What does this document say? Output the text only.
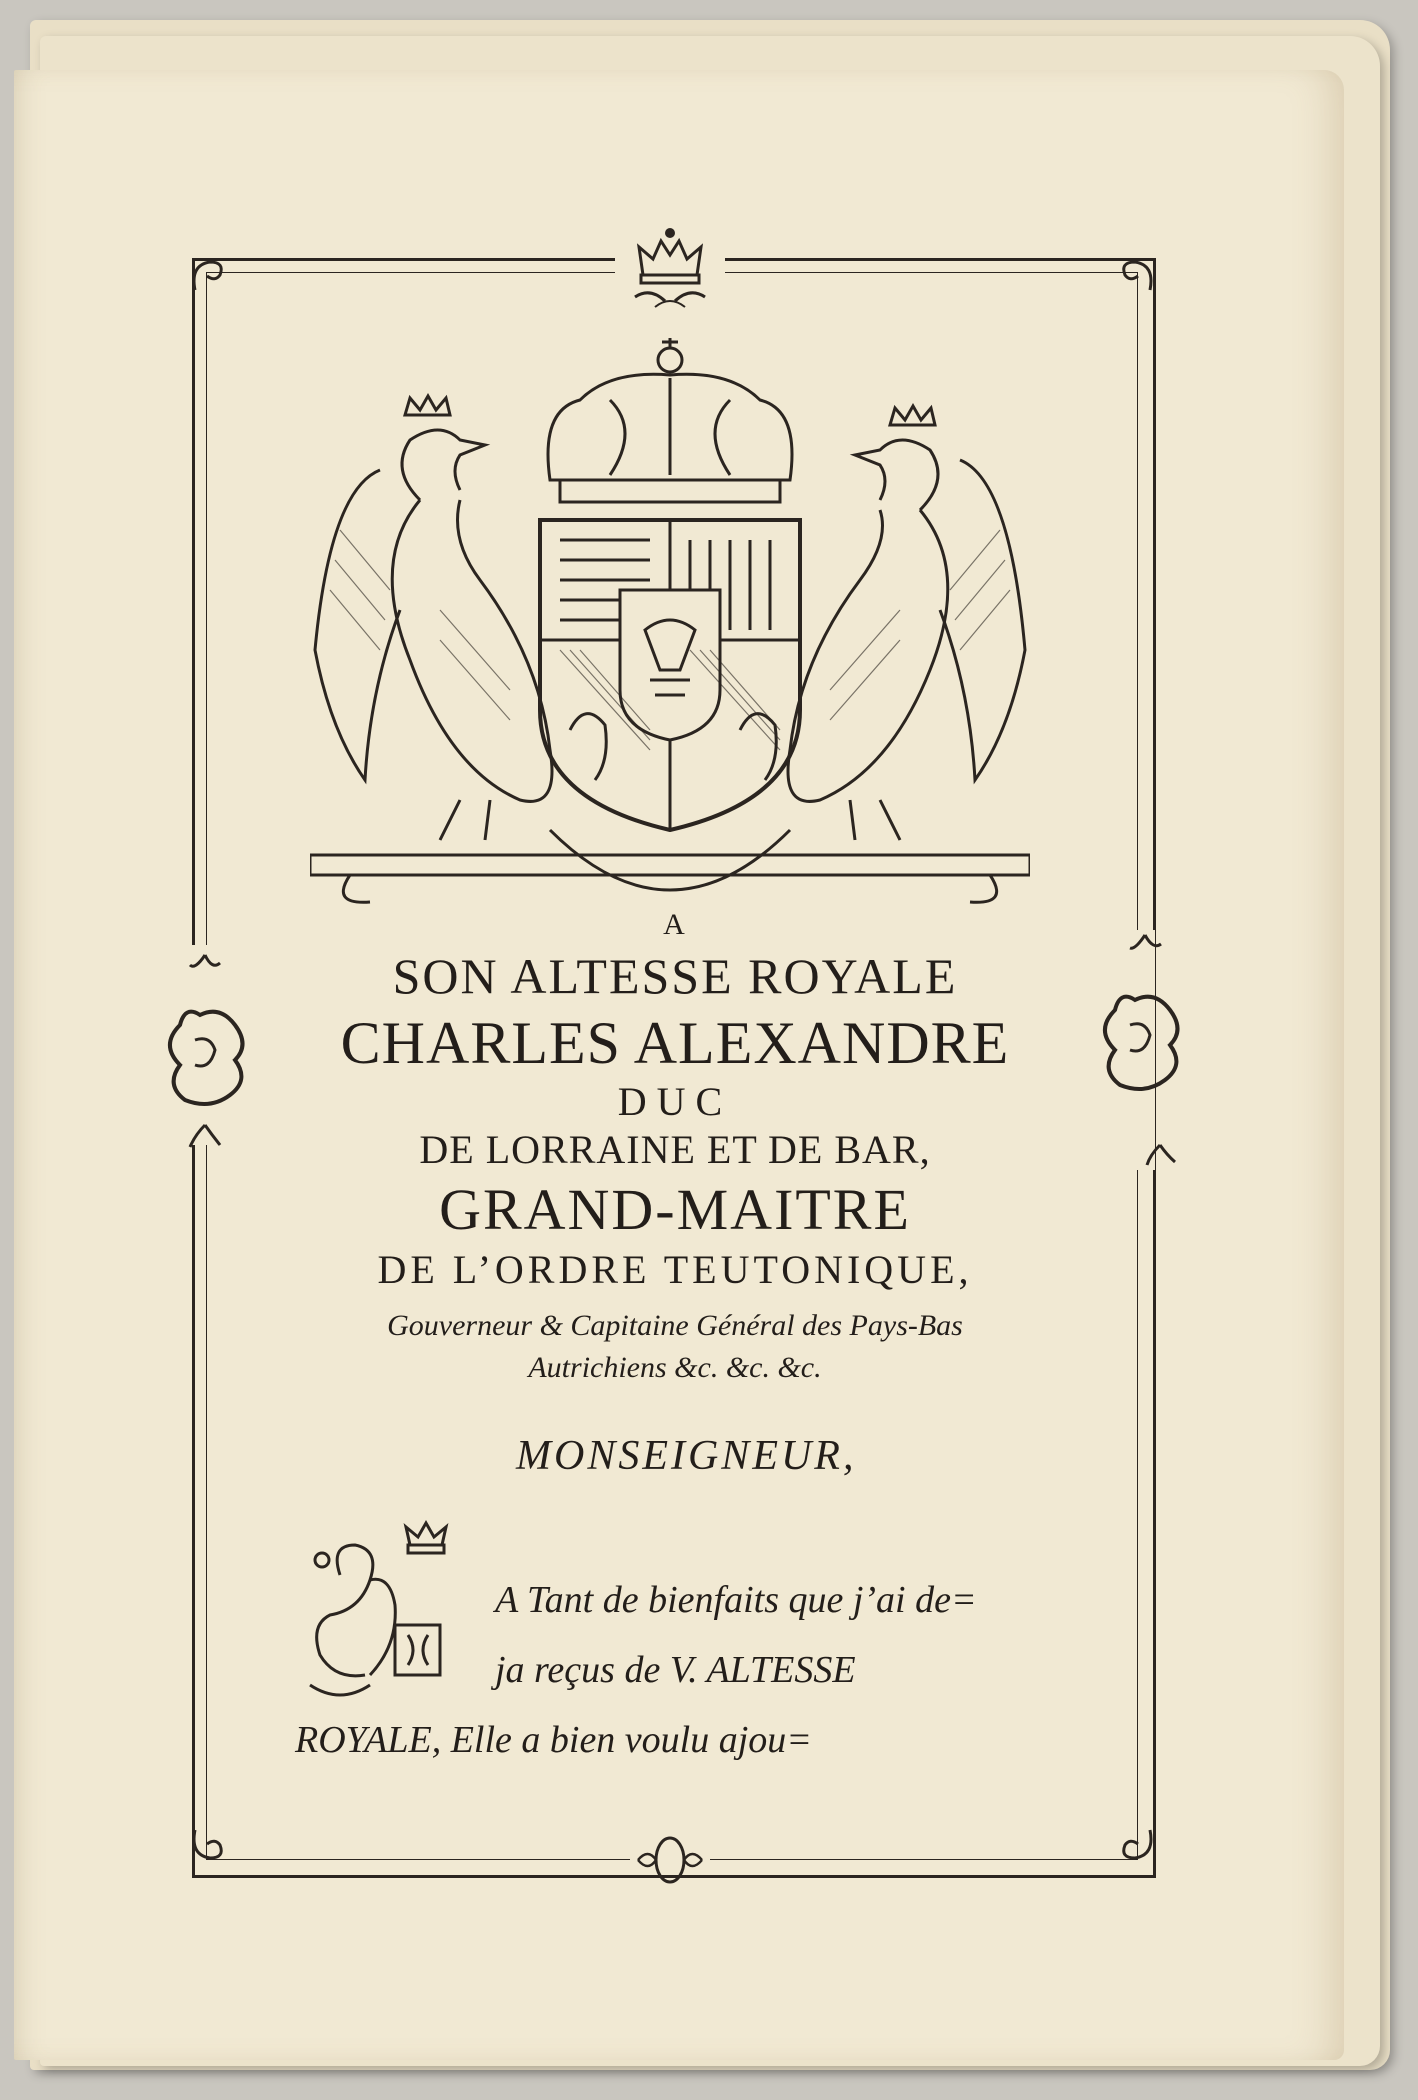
A
SON ALTESSE ROYALE
CHARLES ALEXANDRE
DUC
DE LORRAINE ET DE BAR,
GRAND-MAITRE
DE L’ORDRE TEUTONIQUE,
Gouverneur & Capitaine Général des Pays-Bas Autrichiens &c. &c. &c.
MONSEIGNEUR,
A Tant de bienfaits que j’ai de=
ja reçus de V. ALTESSE
ROYALE, Elle a bien voulu ajou=
